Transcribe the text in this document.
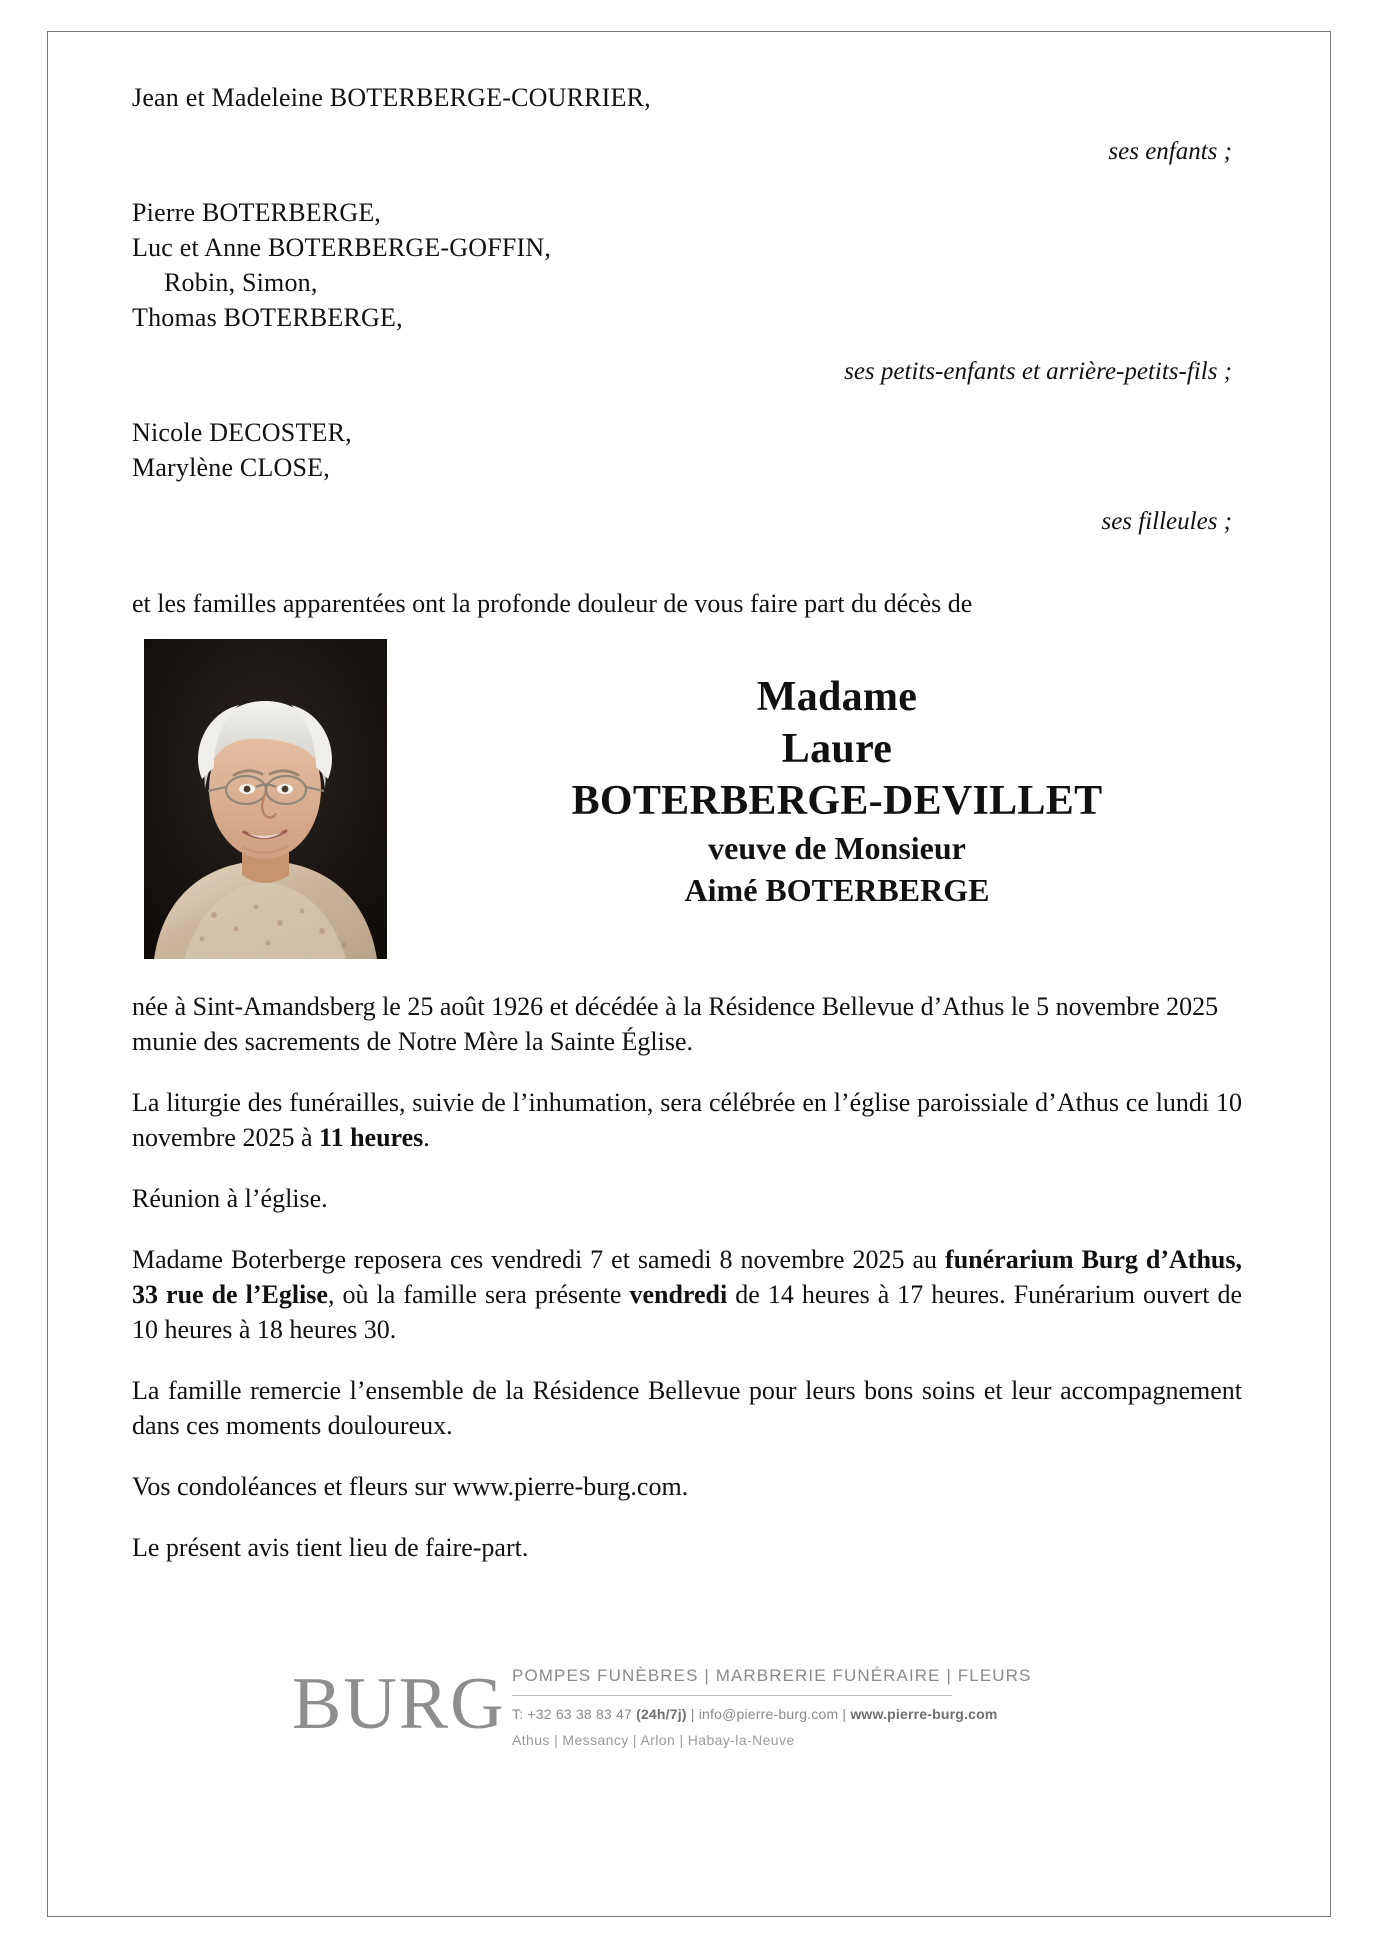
Jean et Madeleine BOTERBERGE-COURRIER,
ses enfants ;
Pierre BOTERBERGE,
Luc et Anne BOTERBERGE-GOFFIN,
Robin, Simon,
Thomas BOTERBERGE,
ses petits-enfants et arrière-petits-fils ;
Nicole DECOSTER,
Marylène CLOSE,
ses filleules ;
et les familles apparentées ont la profonde douleur de vous faire part du décès de
Madame
Laure
BOTERBERGE-DEVILLET
veuve de Monsieur
Aimé BOTERBERGE
née à Sint-Amandsberg le 25 août 1926 et décédée à la Résidence Bellevue d’Athus le 5 novembre 2025 munie des sacrements de Notre Mère la Sainte Église.
La liturgie des funérailles, suivie de l’inhumation, sera célébrée en l’église paroissiale d’Athus ce lundi 10 novembre 2025 à 11 heures.
Réunion à l’église.
Madame Boterberge reposera ces vendredi 7 et samedi 8 novembre 2025 au funérarium Burg d’Athus, 33 rue de l’Eglise, où la famille sera présente vendredi de 14 heures à 17 heures. Funérarium ouvert de 10 heures à 18 heures 30.
La famille remercie l’ensemble de la Résidence Bellevue pour leurs bons soins et leur accompagnement dans ces moments douloureux.
Vos condoléances et fleurs sur www.pierre-burg.com.
Le présent avis tient lieu de faire-part.
BURG POMPES FUNÈBRES | MARBRERIE FUNÉRAIRE | FLEURS
T: +32 63 38 83 47 (24h/7j) | info@pierre-burg.com | www.pierre-burg.com
Athus | Messancy | Arlon | Habay-la-Neuve
